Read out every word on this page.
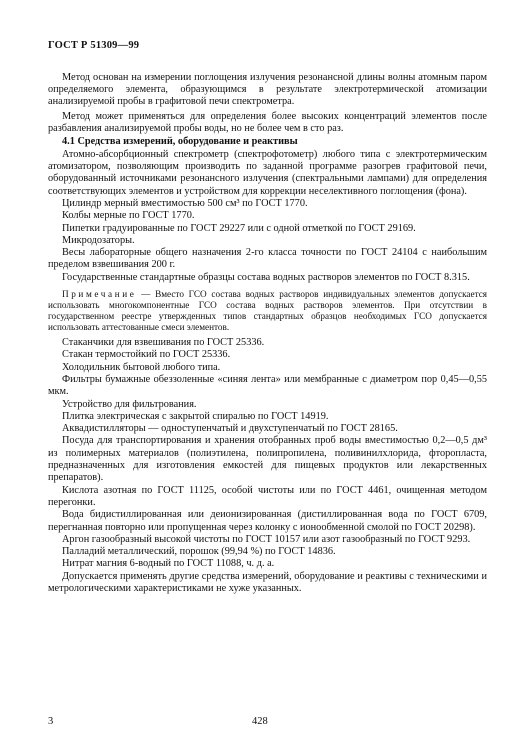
ГОСТ Р 51309—99

Метод основан на измерении поглощения излучения резонансной длины волны атомным паром определяемого элемента, образующимся в результате электротермической атомизации анализируемой пробы в графитовой печи спектрометра.

Метод может применяться для определения более высоких концентраций элементов после разбавления анализируемой пробы воды, но не более чем в сто раз.

4.1 Средства измерений, оборудование и реактивы

Атомно-абсорбционный спектрометр (спектрофотометр) любого типа с электротермическим атомизатором, позволяющим производить по заданной программе разогрев графитовой печи, оборудованный источниками резонансного излучения (спектральными лампами) для определения соответствующих элементов и устройством для коррекции неселективного поглощения (фона).

Цилиндр мерный вместимостью 500 см³ по ГОСТ 1770.

Колбы мерные по ГОСТ 1770.

Пипетки градуированные по ГОСТ 29227 или с одной отметкой по ГОСТ 29169.

Микродозаторы.

Весы лабораторные общего назначения 2-го класса точности по ГОСТ 24104 с наибольшим пределом взвешивания 200 г.

Государственные стандартные образцы состава водных растворов элементов по ГОСТ 8.315.

Примечание — Вместо ГСО состава водных растворов индивидуальных элементов допускается использовать многокомпонентные ГСО состава водных растворов элементов. При отсутствии в государственном реестре утвержденных типов стандартных образцов необходимых ГСО допускается использовать аттестованные смеси элементов.

Стаканчики для взвешивания по ГОСТ 25336.

Стакан термостойкий по ГОСТ 25336.

Холодильник бытовой любого типа.

Фильтры бумажные обеззоленные «синяя лента» или мембранные с диаметром пор 0,45—0,55 мкм.

Устройство для фильтрования.

Плитка электрическая с закрытой спиралью по ГОСТ 14919.

Аквадистилляторы — одноступенчатый и двухступенчатый по ГОСТ 28165.

Посуда для транспортирования и хранения отобранных проб воды вместимостью 0,2—0,5 дм³ из полимерных материалов (полиэтилена, полипропилена, поливинилхлорида, фторопласта, предназначенных для изготовления емкостей для пищевых продуктов или лекарственных препаратов).

Кислота азотная по ГОСТ 11125, особой чистоты или по ГОСТ 4461, очищенная методом перегонки.

Вода бидистиллированная или деионизированная (дистиллированная вода по ГОСТ 6709, перегнанная повторно или пропущенная через колонку с ионообменной смолой по ГОСТ 20298).

Аргон газообразный высокой чистоты по ГОСТ 10157 или азот газообразный по ГОСТ 9293.

Палладий металлический, порошок (99,94 %) по ГОСТ 14836.

Нитрат магния 6-водный по ГОСТ 11088, ч. д. а.

Допускается применять другие средства измерений, оборудование и реактивы с техническими и метрологическими характеристиками не хуже указанных.

3	428
